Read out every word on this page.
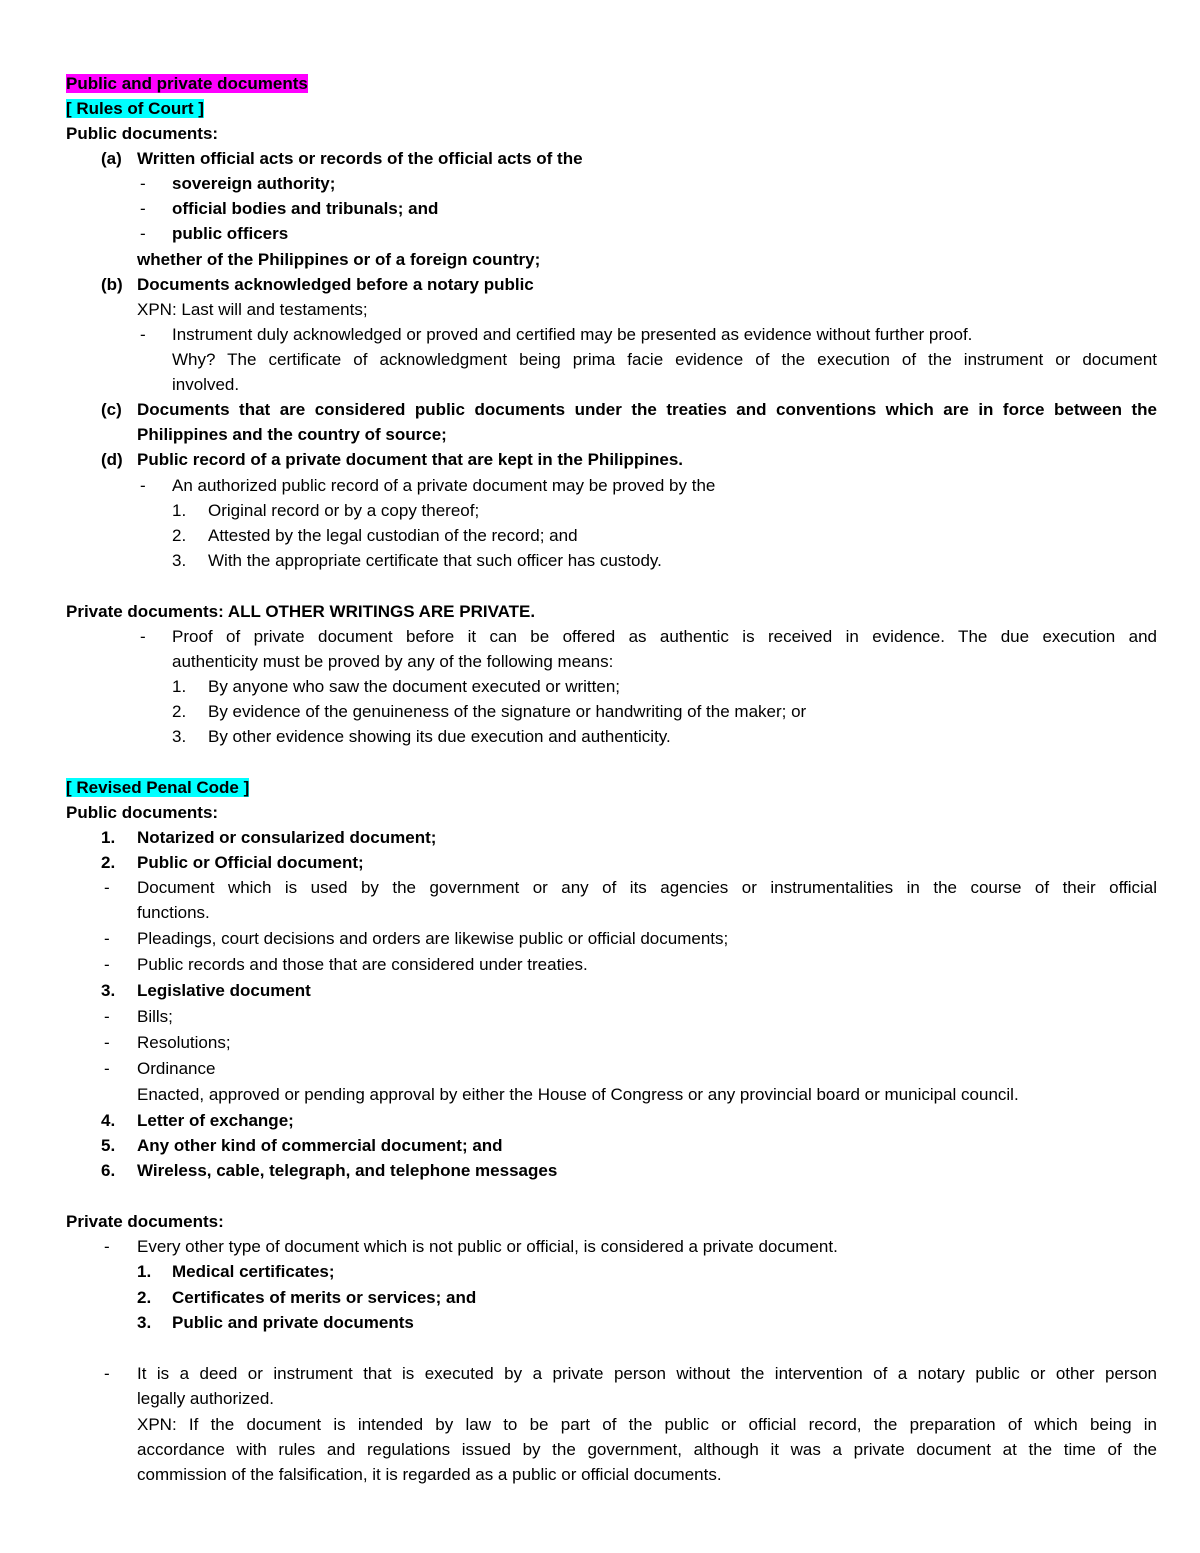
Public and private documents
[ Rules of Court ]
Public documents:
(a) Written official acts or records of the official acts of the
- sovereign authority;
- official bodies and tribunals; and
- public officers
whether of the Philippines or of a foreign country;
(b) Documents acknowledged before a notary public
XPN: Last will and testaments;
- Instrument duly acknowledged or proved and certified may be presented as evidence without further proof.
Why? The certificate of acknowledgment being prima facie evidence of the execution of the instrument or document
involved.
(c) Documents that are considered public documents under the treaties and conventions which are in force between the
Philippines and the country of source;
(d) Public record of a private document that are kept in the Philippines.
- An authorized public record of a private document may be proved by the
1. Original record or by a copy thereof;
2. Attested by the legal custodian of the record; and
3. With the appropriate certificate that such officer has custody.
Private documents: ALL OTHER WRITINGS ARE PRIVATE.
- Proof of private document before it can be offered as authentic is received in evidence. The due execution and
authenticity must be proved by any of the following means:
1. By anyone who saw the document executed or written;
2. By evidence of the genuineness of the signature or handwriting of the maker; or
3. By other evidence showing its due execution and authenticity.
[ Revised Penal Code ]
Public documents:
1. Notarized or consularized document;
2. Public or Official document;
- Document which is used by the government or any of its agencies or instrumentalities in the course of their official
functions.
- Pleadings, court decisions and orders are likewise public or official documents;
- Public records and those that are considered under treaties.
3. Legislative document
- Bills;
- Resolutions;
- Ordinance
Enacted, approved or pending approval by either the House of Congress or any provincial board or municipal council.
4. Letter of exchange;
5. Any other kind of commercial document; and
6. Wireless, cable, telegraph, and telephone messages
Private documents:
- Every other type of document which is not public or official, is considered a private document.
1. Medical certificates;
2. Certificates of merits or services; and
3. Public and private documents
- It is a deed or instrument that is executed by a private person without the intervention of a notary public or other person
legally authorized.
XPN: If the document is intended by law to be part of the public or official record, the preparation of which being in
accordance with rules and regulations issued by the government, although it was a private document at the time of the
commission of the falsification, it is regarded as a public or official documents.
